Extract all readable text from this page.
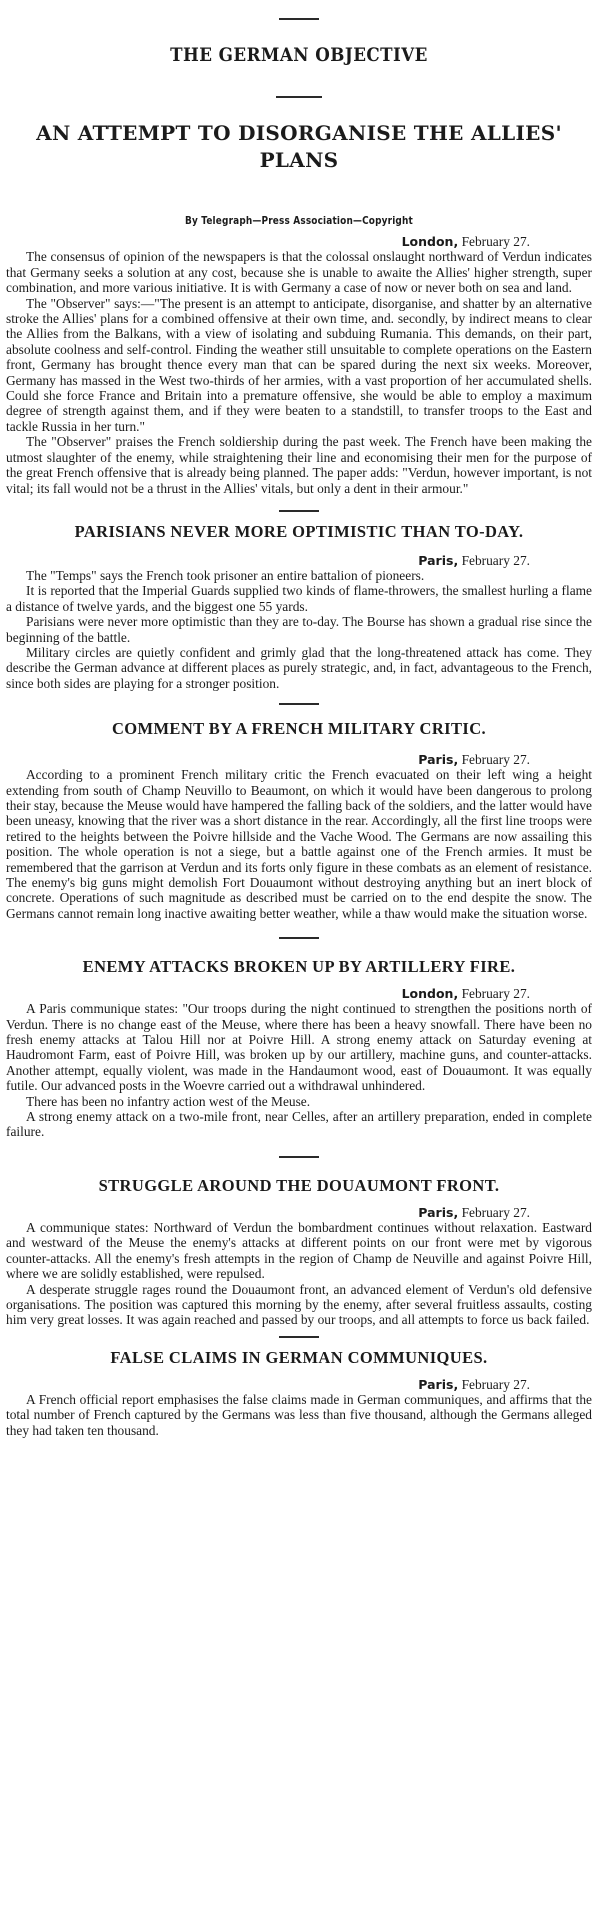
THE GERMAN OBJECTIVE
AN ATTEMPT TO DISORGANISE THE ALLIES' PLANS
By Telegraph—Press Association—Copyright
London, February 27.

The consensus of opinion of the newspapers is that the colossal onslaught northward of Verdun indicates that Germany seeks a solution at any cost, because she is unable to awaite the Allies' higher strength, super combination, and more various initiative. It is with Germany a case of now or never both on sea and land.

The "Observer" says:—"The present is an attempt to anticipate, disorganise, and shatter by an alternative stroke the Allies' plans for a combined offensive at their own time, and. secondly, by indirect means to clear the Allies from the Balkans, with a view of isolating and subduing Rumania. This demands, on their part, absolute coolness and self-control. Finding the weather still unsuitable to complete operations on the Eastern front, Germany has brought thence every man that can be spared during the next six weeks. Moreover, Germany has massed in the West two-thirds of her armies, with a vast proportion of her accumulated shells. Could she force France and Britain into a premature offensive, she would be able to employ a maximum degree of strength against them, and if they were beaten to a standstill, to transfer troops to the East and tackle Russia in her turn."

The "Observer" praises the French soldiership during the past week. The French have been making the utmost slaughter of the enemy, while straightening their line and economising their men for the purpose of the great French offensive that is already being planned. The paper adds: "Verdun, however important, is not vital; its fall would not be a thrust in the Allies' vitals, but only a dent in their armour."

PARISIANS NEVER MORE OPTIMISTIC THAN TO-DAY.
Paris, February 27.

The "Temps" says the French took prisoner an entire battalion of pioneers.

It is reported that the Imperial Guards supplied two kinds of flame-throwers, the smallest hurling a flame a distance of twelve yards, and the biggest one 55 yards.

Parisians were never more optimistic than they are to-day. The Bourse has shown a gradual rise since the beginning of the battle.

Military circles are quietly confident and grimly glad that the long-threatened attack has come. They describe the German advance at different places as purely strategic, and, in fact, advantageous to the French, since both sides are playing for a stronger position.

COMMENT BY A FRENCH MILITARY CRITIC.
Paris, February 27.

According to a prominent French military critic the French evacuated on their left wing a height extending from south of Champ Neuvillo to Beaumont, on which it would have been dangerous to prolong their stay, because the Meuse would have hampered the falling back of the soldiers, and the latter would have been uneasy, knowing that the river was a short distance in the rear. Accordingly, all the first line troops were retired to the heights between the Poivre hillside and the Vache Wood. The Germans are now assailing this position. The whole operation is not a siege, but a battle against one of the French armies. It must be remembered that the garrison at Verdun and its forts only figure in these combats as an element of resistance. The enemy's big guns might demolish Fort Douaumont without destroying anything but an inert block of concrete. Operations of such magnitude as described must be carried on to the end despite the snow. The Germans cannot remain long inactive awaiting better weather, while a thaw would make the situation worse.

ENEMY ATTACKS BROKEN UP BY ARTILLERY FIRE.
London, February 27.

A Paris communique states: "Our troops during the night continued to strengthen the positions north of Verdun. There is no change east of the Meuse, where there has been a heavy snowfall. There have been no fresh enemy attacks at Talou Hill nor at Poivre Hill. A strong enemy attack on Saturday evening at Haudromont Farm, east of Poivre Hill, was broken up by our artillery, machine guns, and counter-attacks. Another attempt, equally violent, was made in the Handaumont wood, east of Douaumont. It was equally futile. Our advanced posts in the Woevre carried out a withdrawal unhindered.

There has been no infantry action west of the Meuse.

A strong enemy attack on a two-mile front, near Celles, after an artillery preparation, ended in complete failure.

STRUGGLE AROUND THE DOUAUMONT FRONT.
Paris, February 27.

A communique states: Northward of Verdun the bombardment continues without relaxation. Eastward and westward of the Meuse the enemy's attacks at different points on our front were met by vigorous counter-attacks. All the enemy's fresh attempts in the region of Champ de Neuville and against Poivre Hill, where we are solidly established, were repulsed.

A desperate struggle rages round the Douaumont front, an advanced element of Verdun's old defensive organisations. The position was captured this morning by the enemy, after several fruitless assaults, costing him very great losses. It was again reached and passed by our troops, and all attempts to force us back failed.

FALSE CLAIMS IN GERMAN COMMUNIQUES.
Paris, February 27.

A French official report emphasises the false claims made in German communiques, and affirms that the total number of French captured by the Germans was less than five thousand, although the Germans alleged they had taken ten thousand.
